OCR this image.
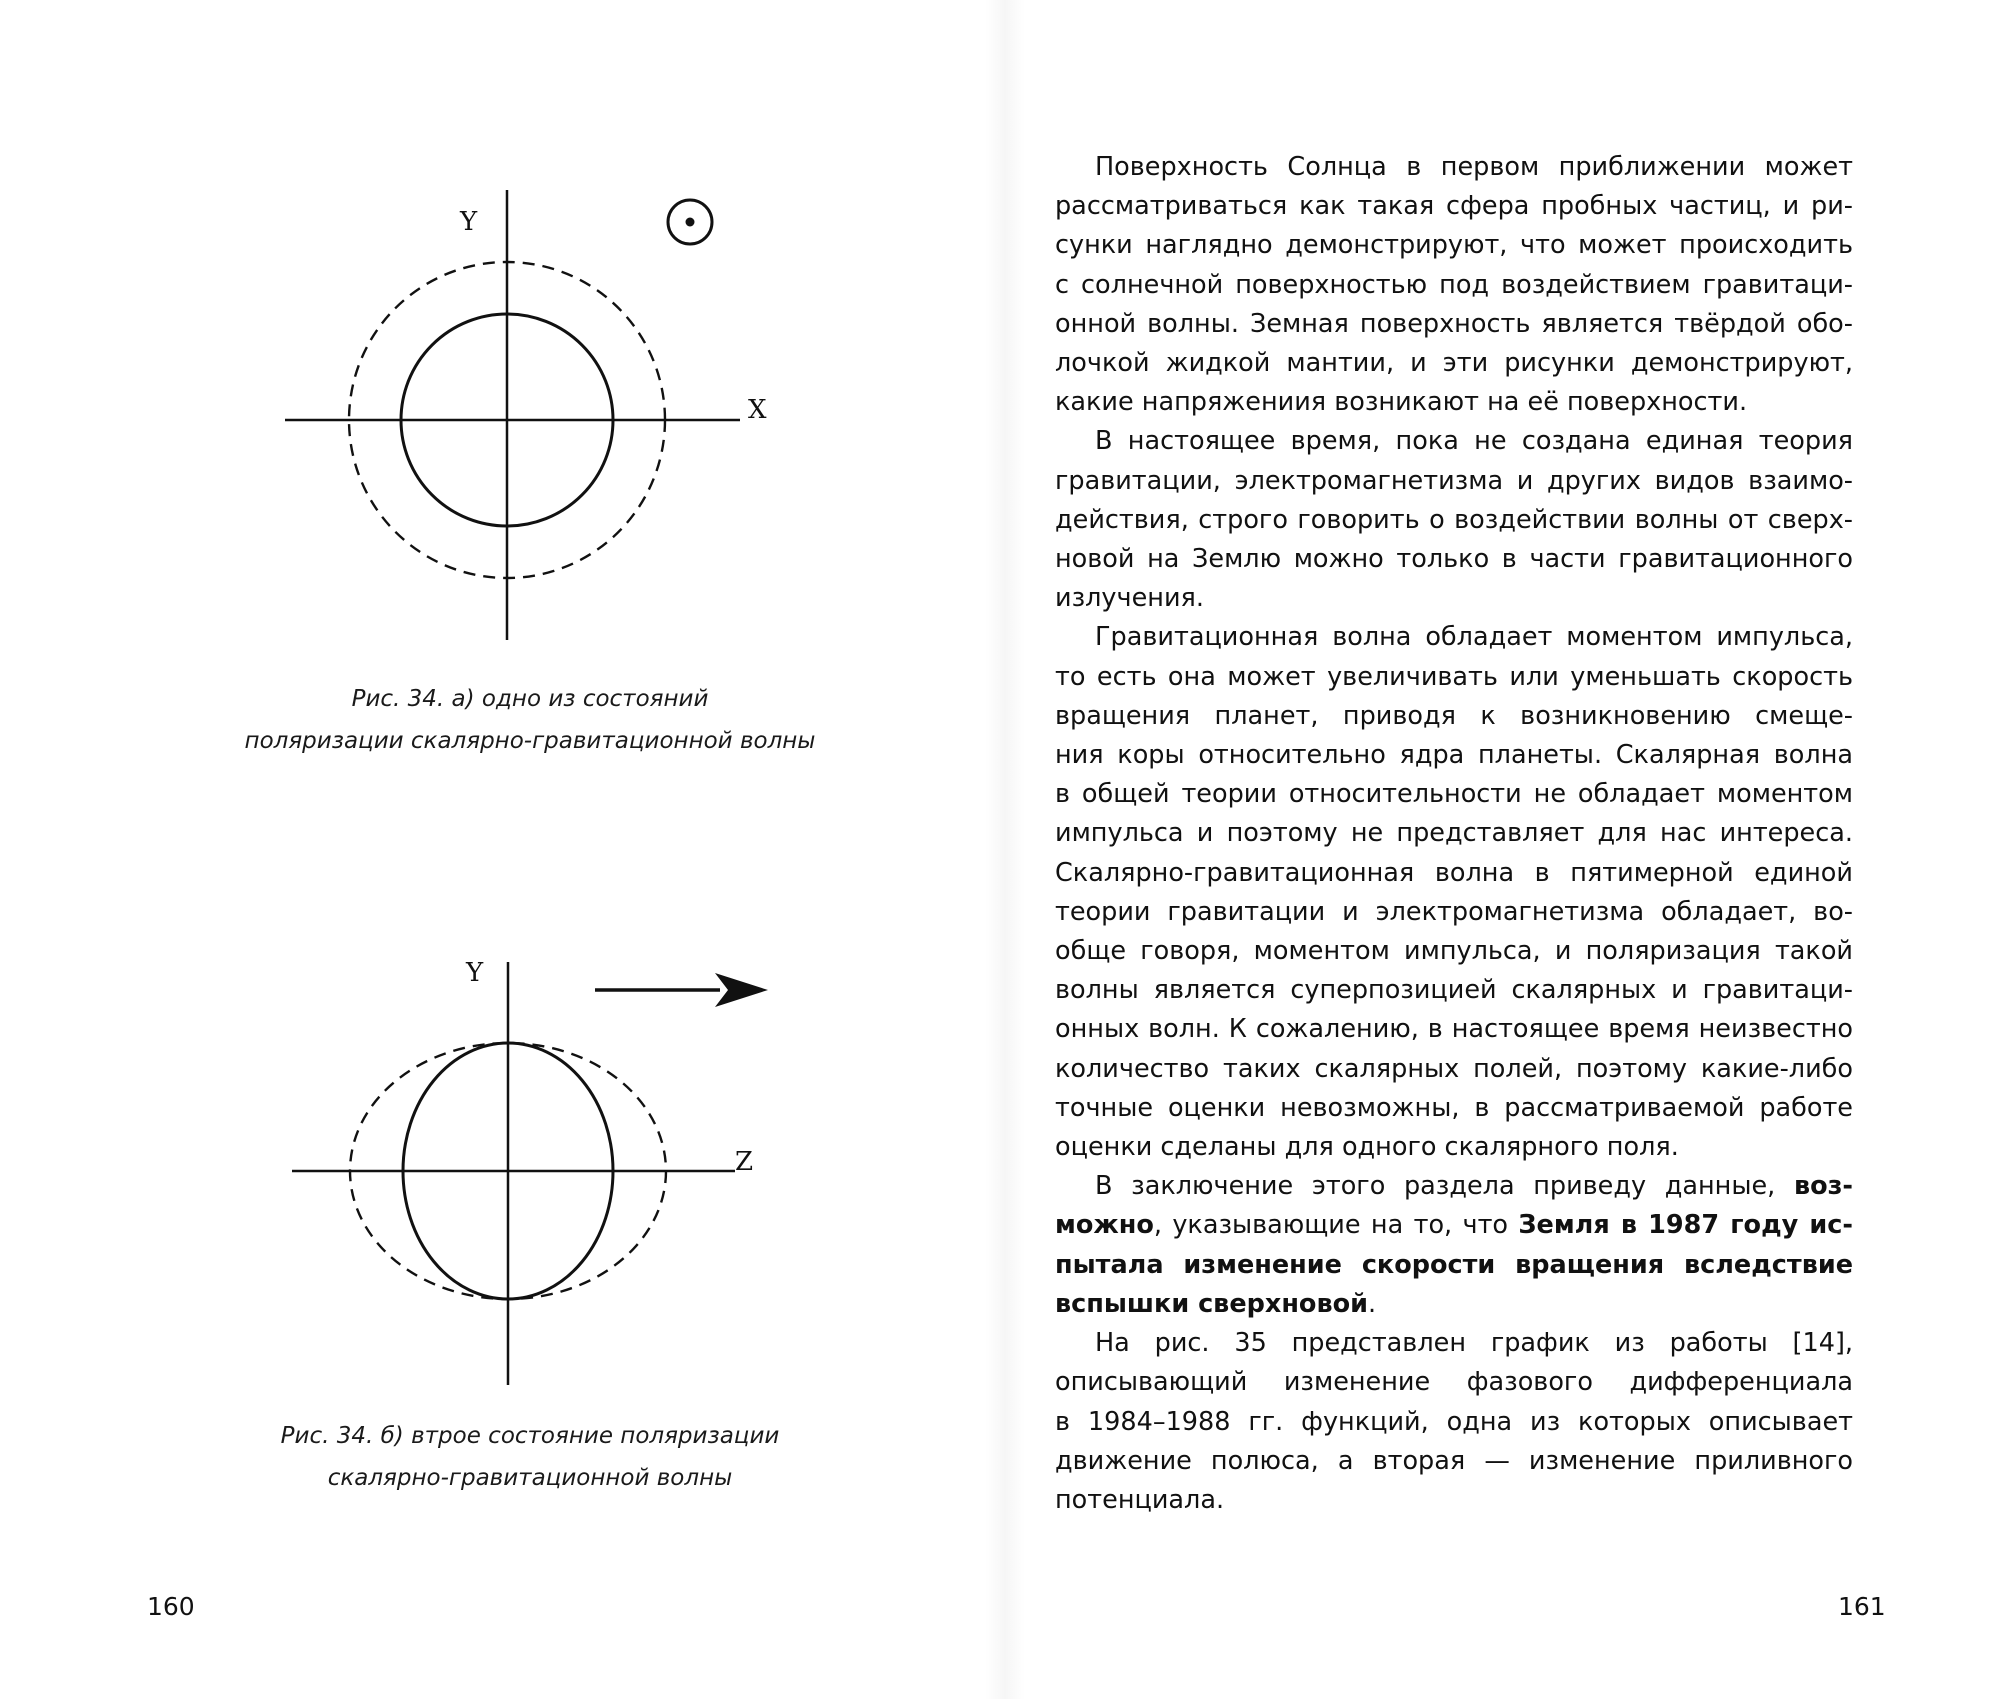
Y
X
Рис. 34. а) одно из состояний
поляризации скалярно-гравитационной волны
Y
Z
Рис. 34. б) втрое состояние поляризации
скалярно-гравитационной волны
160

Поверхность Солнца в первом приближении может
рассматриваться как такая сфера пробных частиц, и ри-
сунки наглядно демонстрируют, что может происходить
с солнечной поверхностью под воздействием гравитаци-
онной волны. Земная поверхность является твёрдой обо-
лочкой жидкой мантии, и эти рисунки демонстрируют,
какие напряжениия возникают на её поверхности.

В настоящее время, пока не создана единая теория
гравитации, электромагнетизма и других видов взаимо-
действия, строго говорить о воздействии волны от сверх-
новой на Землю можно только в части гравитационного
излучения.

Гравитационная волна обладает моментом импульса,
то есть она может увеличивать или уменьшать скорость
вращения планет, приводя к возникновению смеще-
ния коры относительно ядра планеты. Скалярная волна
в общей теории относительности не обладает моментом
импульса и поэтому не представляет для нас интереса.
Скалярно-гравитационная волна в пятимерной единой
теории гравитации и электромагнетизма обладает, во-
обще говоря, моментом импульса, и поляризация такой
волны является суперпозицией скалярных и гравитаци-
онных волн. К сожалению, в настоящее время неизвестно
количество таких скалярных полей, поэтому какие-либо
точные оценки невозможны, в рассматриваемой работе
оценки сделаны для одного скалярного поля.

В заключение этого раздела приведу данные, воз-
можно, указывающие на то, что Земля в 1987 году ис-
пытала изменение скорости вращения вследствие
вспышки сверхновой.

На рис. 35 представлен график из работы [14],
описывающий изменение фазового дифференциала
в 1984–1988 гг. функций, одна из которых описывает
движение полюса, а вторая — изменение приливного
потенциала.

161
